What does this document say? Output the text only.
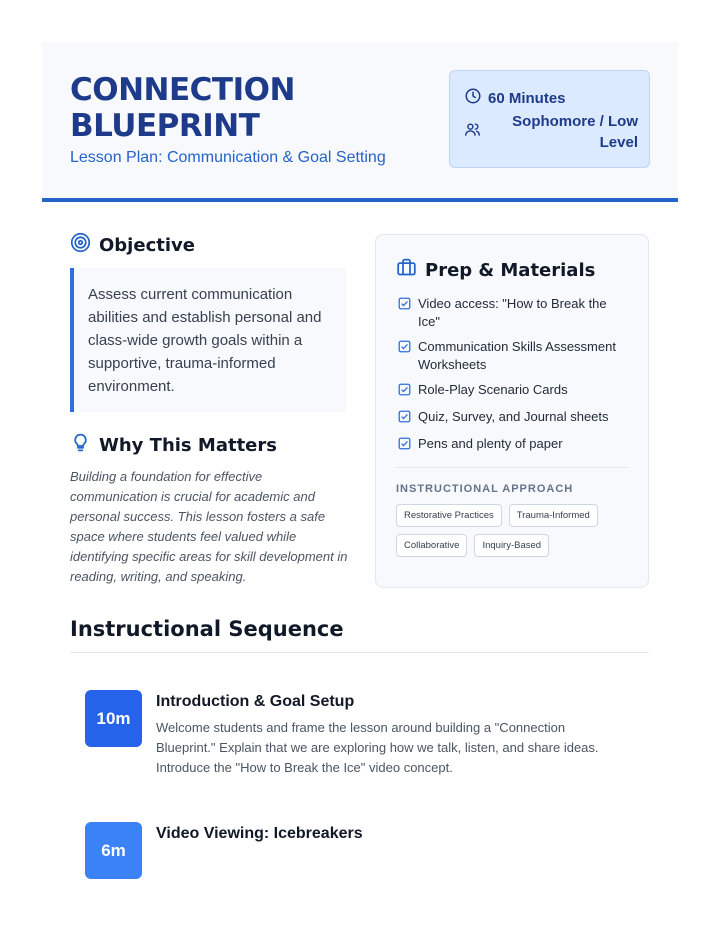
CONNECTION BLUEPRINT
Lesson Plan: Communication & Goal Setting
60 Minutes
Sophomore / Low Level
Objective

Assess current communication abilities and establish personal and class-wide growth goals within a supportive, trauma-informed environment.

Why This Matters

Building a foundation for effective communication is crucial for academic and personal success. This lesson fosters a safe space where students feel valued while identifying specific areas for skill development in reading, writing, and speaking.

Prep & Materials
Video access: "How to Break the Ice"
Communication Skills Assessment Worksheets
Role-Play Scenario Cards
Quiz, Survey, and Journal sheets
Pens and plenty of paper
INSTRUCTIONAL APPROACH
Restorative Practices	Trauma-Informed
Collaborative	Inquiry-Based
Instructional Sequence
10m
Introduction & Goal Setup
Welcome students and frame the lesson around building a "Connection Blueprint." Explain that we are exploring how we talk, listen, and share ideas. Introduce the "How to Break the Ice" video concept.
6m
Video Viewing: Icebreakers
